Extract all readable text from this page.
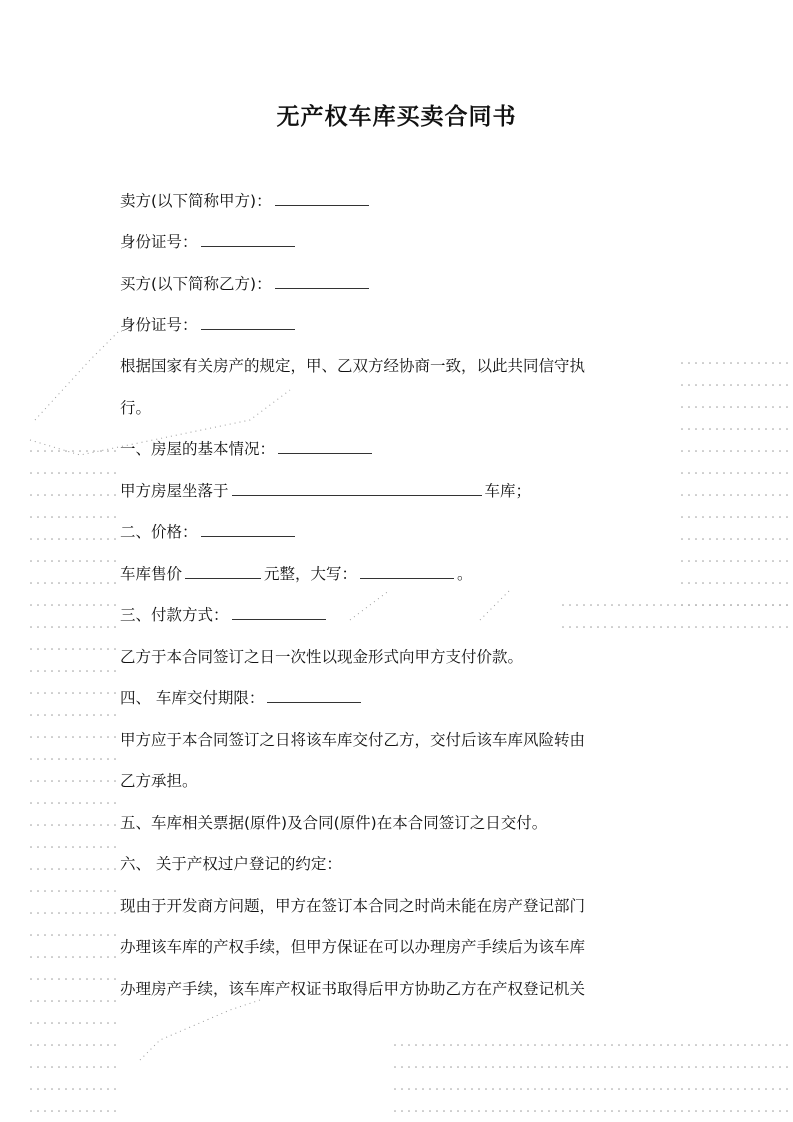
无产权车库买卖合同书
卖方(以下简称甲方)：
身份证号：
买方(以下简称乙方)：
身份证号：
根据国家有关房产的规定，甲、乙双方经协商一致，以此共同信守执
行。
一、房屋的基本情况：
甲方房屋坐落于	车库；
二、价格：
车库售价	元整，大写：	。
三、付款方式：
乙方于本合同签订之日一次性以现金形式向甲方支付价款。
四、 车库交付期限：
甲方应于本合同签订之日将该车库交付乙方，交付后该车库风险转由
乙方承担。
五、车库相关票据(原件)及合同(原件)在本合同签订之日交付。
六、 关于产权过户登记的约定：
现由于开发商方问题，甲方在签订本合同之时尚未能在房产登记部门
办理该车库的产权手续，但甲方保证在可以办理房产手续后为该车库
办理房产手续，该车库产权证书取得后甲方协助乙方在产权登记机关
